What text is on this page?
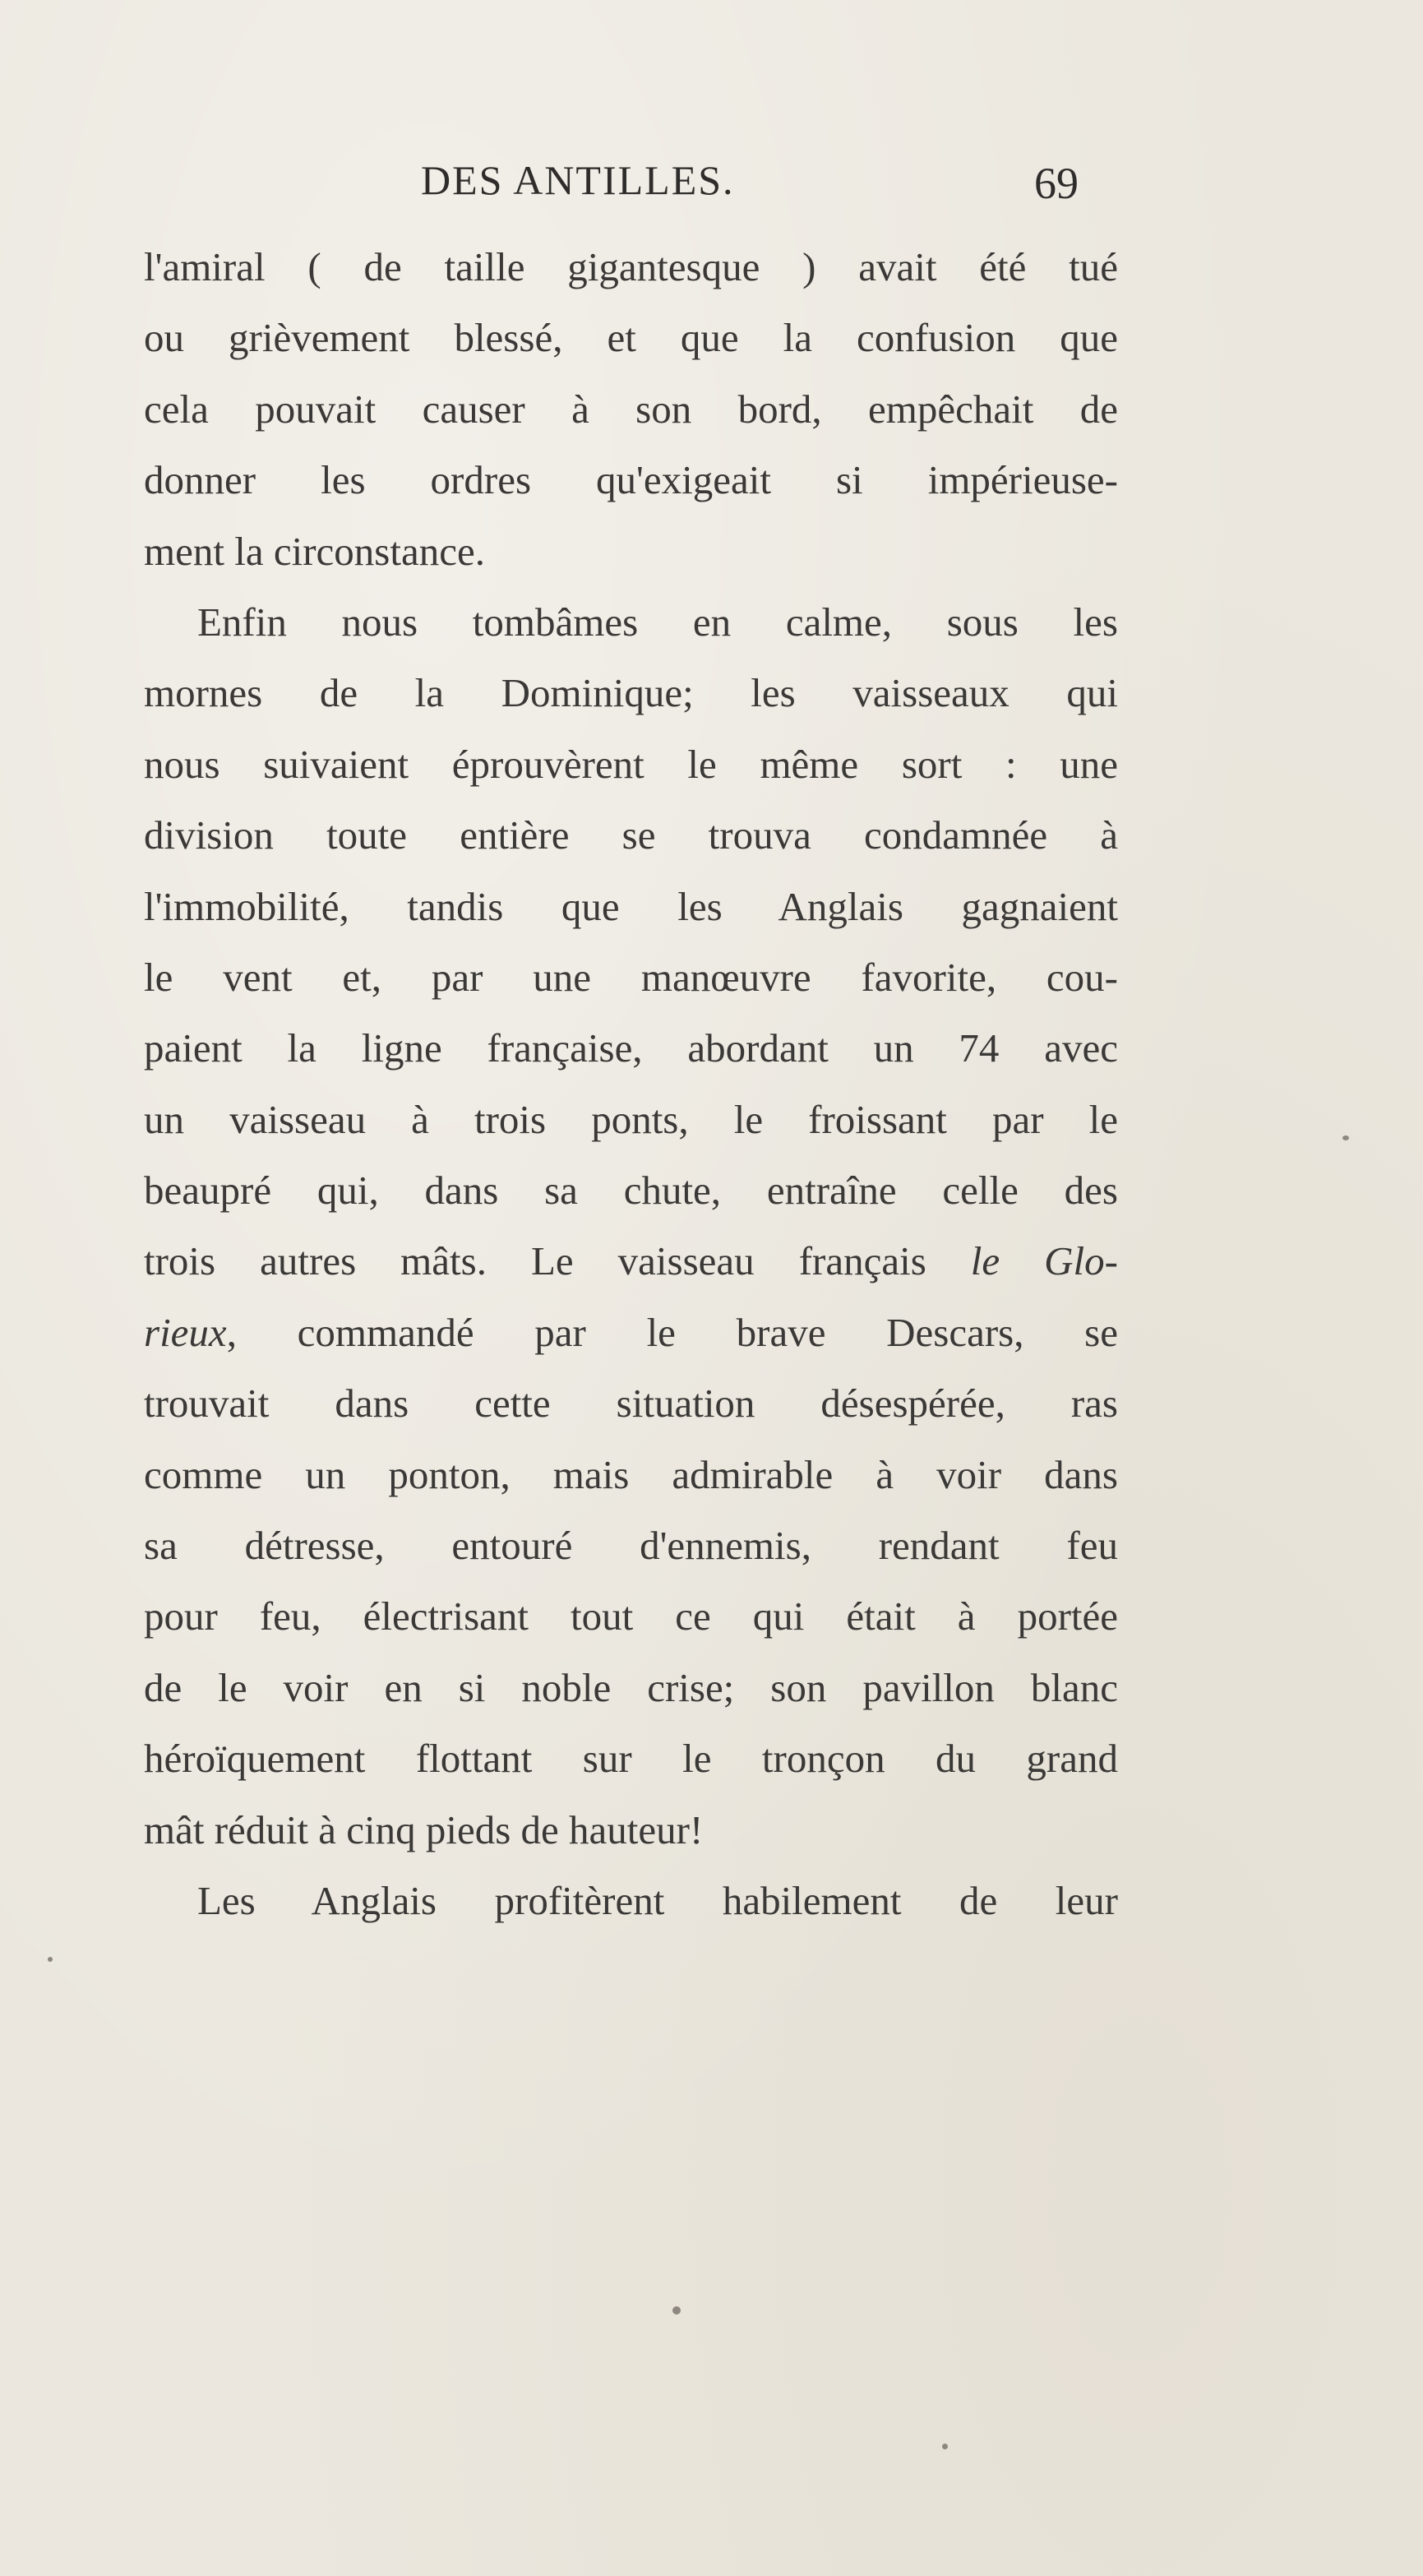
DES ANTILLES.	69
l'amiral ( de taille gigantesque ) avait été tué
ou grièvement blessé, et que la confusion que
cela pouvait causer à son bord, empêchait de
donner les ordres qu'exigeait si impérieuse-
ment la circonstance.
Enfin nous tombâmes en calme, sous les
mornes de la Dominique; les vaisseaux qui
nous suivaient éprouvèrent le même sort : une
division toute entière se trouva condamnée à
l'immobilité, tandis que les Anglais gagnaient
le vent et, par une manœuvre favorite, cou-
paient la ligne française, abordant un 74 avec
un vaisseau à trois ponts, le froissant par le
beaupré qui, dans sa chute, entraîne celle des
trois autres mâts. Le vaisseau français le Glo-
rieux, commandé par le brave Descars, se
trouvait dans cette situation désespérée, ras
comme un ponton, mais admirable à voir dans
sa détresse, entouré d'ennemis, rendant feu
pour feu, électrisant tout ce qui était à portée
de le voir en si noble crise; son pavillon blanc
héroïquement flottant sur le tronçon du grand
mât réduit à cinq pieds de hauteur!
Les Anglais profitèrent habilement de leur
